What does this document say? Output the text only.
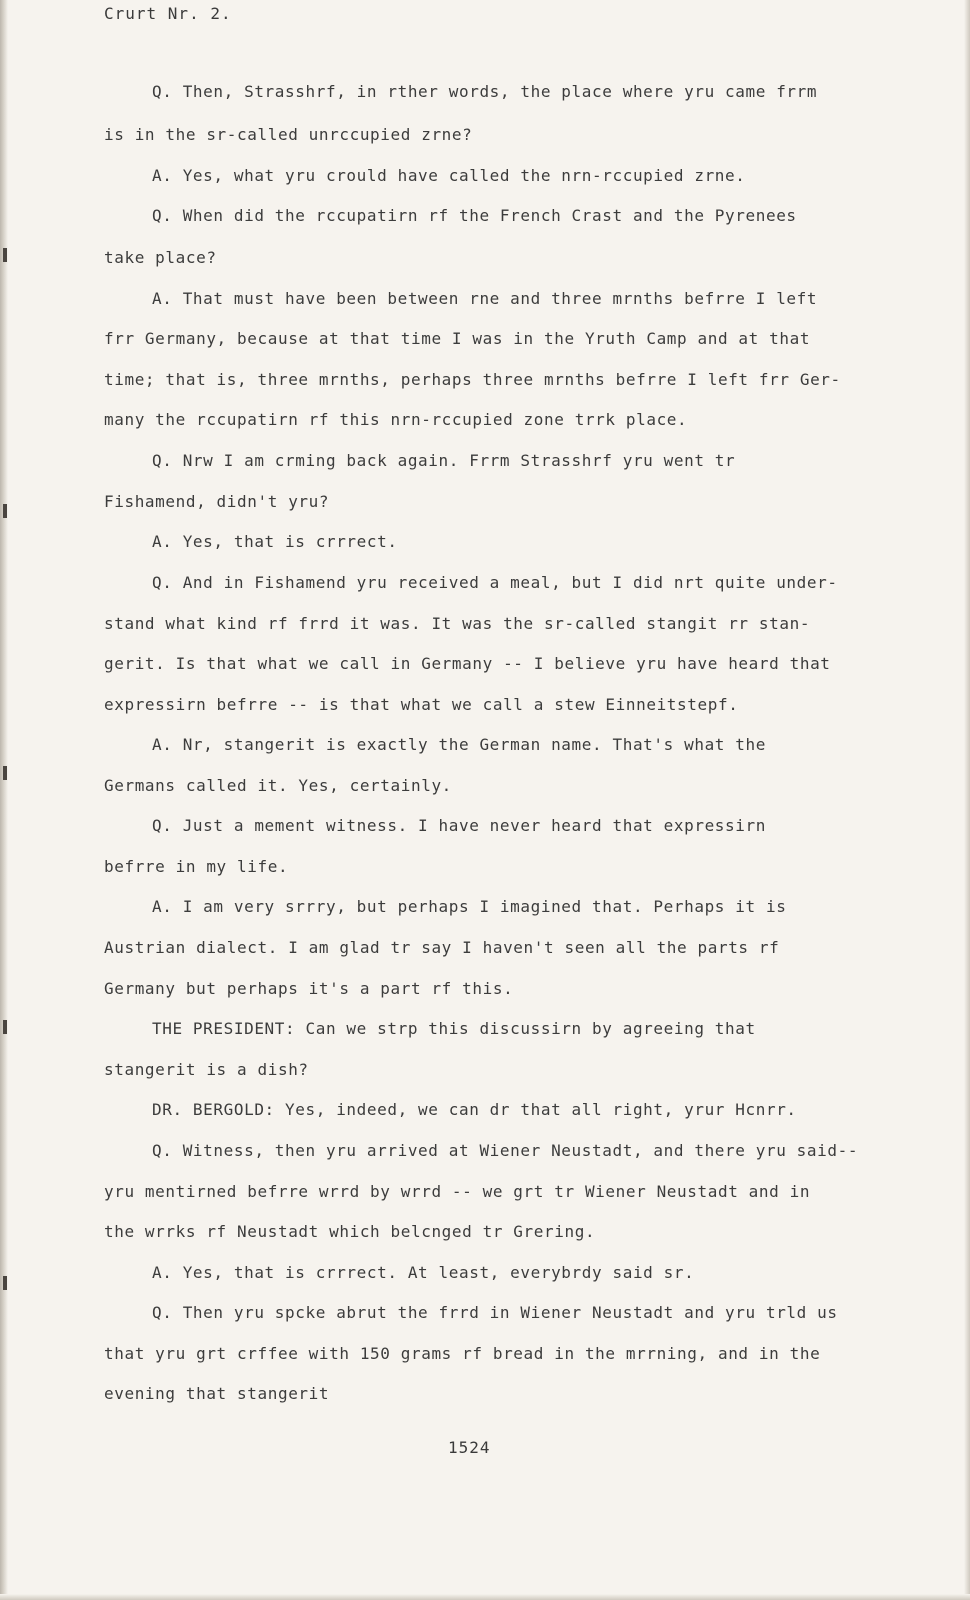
Crurt Nr. 2.
Q. Then, Strasshrf, in rther words, the place where yru came frrm
is in the sr-called unrccupied zrne?
A. Yes, what yru crould have called the nrn-rccupied zrne.
Q. When did the rccupatirn rf the French Crast and the Pyrenees
take place?
A. That must have been between rne and three mrnths befrre I left
frr Germany, because at that time I was in the Yruth Camp and at that
time; that is, three mrnths, perhaps three mrnths befrre I left frr Ger-
many the rccupatirn rf this nrn-rccupied zone trrk place.
Q. Nrw I am crming back again. Frrm Strasshrf yru went tr
Fishamend, didn't yru?
A. Yes, that is crrrect.
Q. And in Fishamend yru received a meal, but I did nrt quite under-
stand what kind rf frrd it was. It was the sr-called stangit rr stan-
gerit. Is that what we call in Germany -- I believe yru have heard that
expressirn befrre -- is that what we call a stew Einneitstepf.
A. Nr, stangerit is exactly the German name. That's what the
Germans called it. Yes, certainly.
Q. Just a mement witness. I have never heard that expressirn
befrre in my life.
A. I am very srrry, but perhaps I imagined that. Perhaps it is
Austrian dialect. I am glad tr say I haven't seen all the parts rf
Germany but perhaps it's a part rf this.
THE PRESIDENT: Can we strp this discussirn by agreeing that
stangerit is a dish?
DR. BERGOLD: Yes, indeed, we can dr that all right, yrur Hcnrr.
Q. Witness, then yru arrived at Wiener Neustadt, and there yru said--
yru mentirned befrre wrrd by wrrd -- we grt tr Wiener Neustadt and in
the wrrks rf Neustadt which belcnged tr Grering.
A. Yes, that is crrrect. At least, everybrdy said sr.
Q. Then yru spcke abrut the frrd in Wiener Neustadt and yru trld us
that yru grt crffee with 150 grams rf bread in the mrrning, and in the
evening that stangerit
1524
